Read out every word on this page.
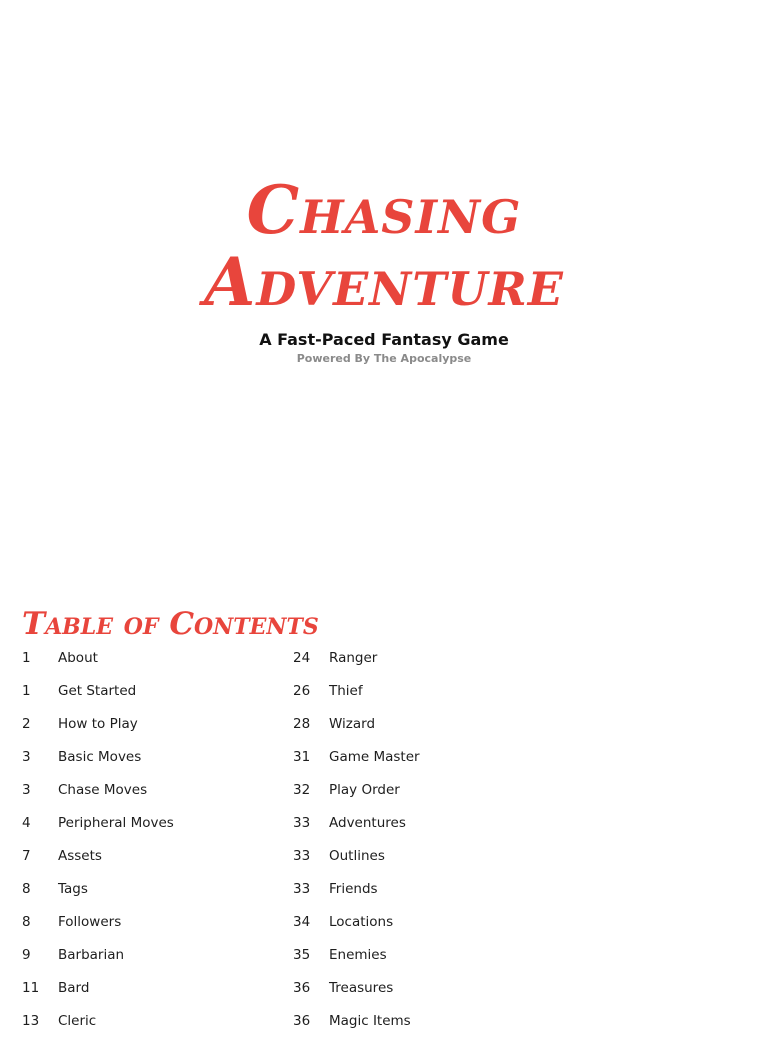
Chasing
Adventure
A Fast-Paced Fantasy Game
Powered By The Apocalypse
Table of Contents
1	About
1	Get Started
2	How to Play
3	Basic Moves
3	Chase Moves
4	Peripheral Moves
7	Assets
8	Tags
8	Followers
9	Barbarian
11	Bard
13	Cleric
24	Ranger
26	Thief
28	Wizard
31	Game Master
32	Play Order
33	Adventures
33	Outlines
33	Friends
34	Locations
35	Enemies
36	Treasures
36	Magic Items
